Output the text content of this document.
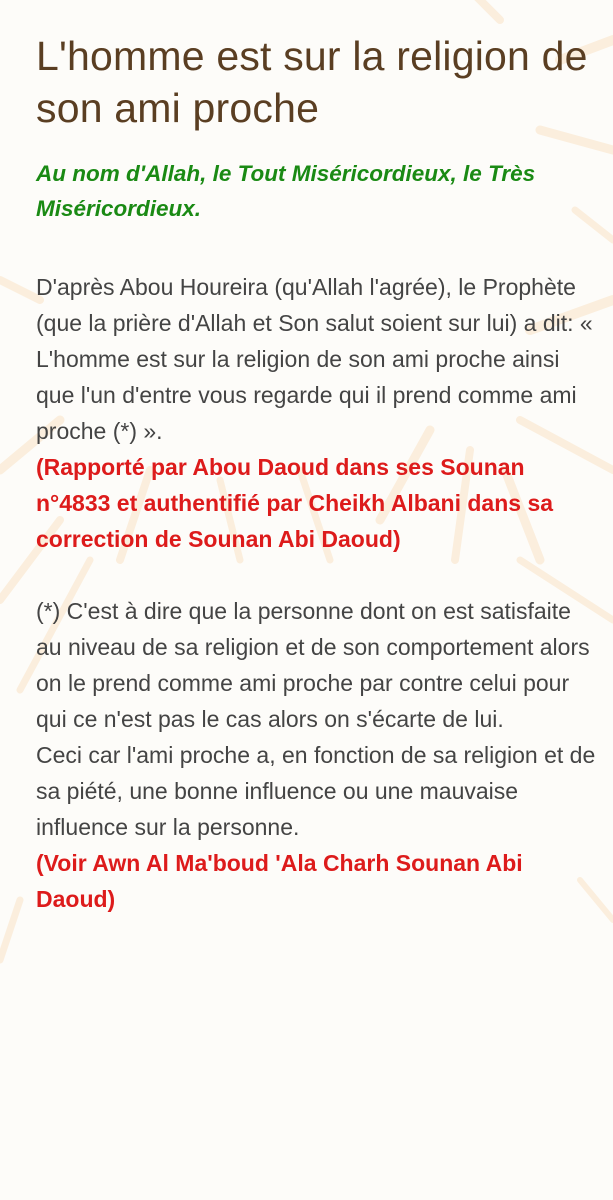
L'homme est sur la religion de son ami proche

Au nom d'Allah, le Tout Miséricordieux, le Très Miséricordieux.

D'après Abou Houreira (qu'Allah l'agrée), le Prophète (que la prière d'Allah et Son salut soient sur lui) a dit: « L'homme est sur la religion de son ami proche ainsi que l'un d'entre vous regarde qui il prend comme ami proche (*) ».

(Rapporté par Abou Daoud dans ses Sounan n°4833 et authentifié par Cheikh Albani dans sa correction de Sounan Abi Daoud)

(*) C'est à dire que la personne dont on est satisfaite au niveau de sa religion et de son comportement alors on le prend comme ami proche par contre celui pour qui ce n'est pas le cas alors on s'écarte de lui.

Ceci car l'ami proche a, en fonction de sa religion et de sa piété, une bonne influence ou une mauvaise influence sur la personne.

(Voir Awn Al Ma'boud 'Ala Charh Sounan Abi Daoud)
